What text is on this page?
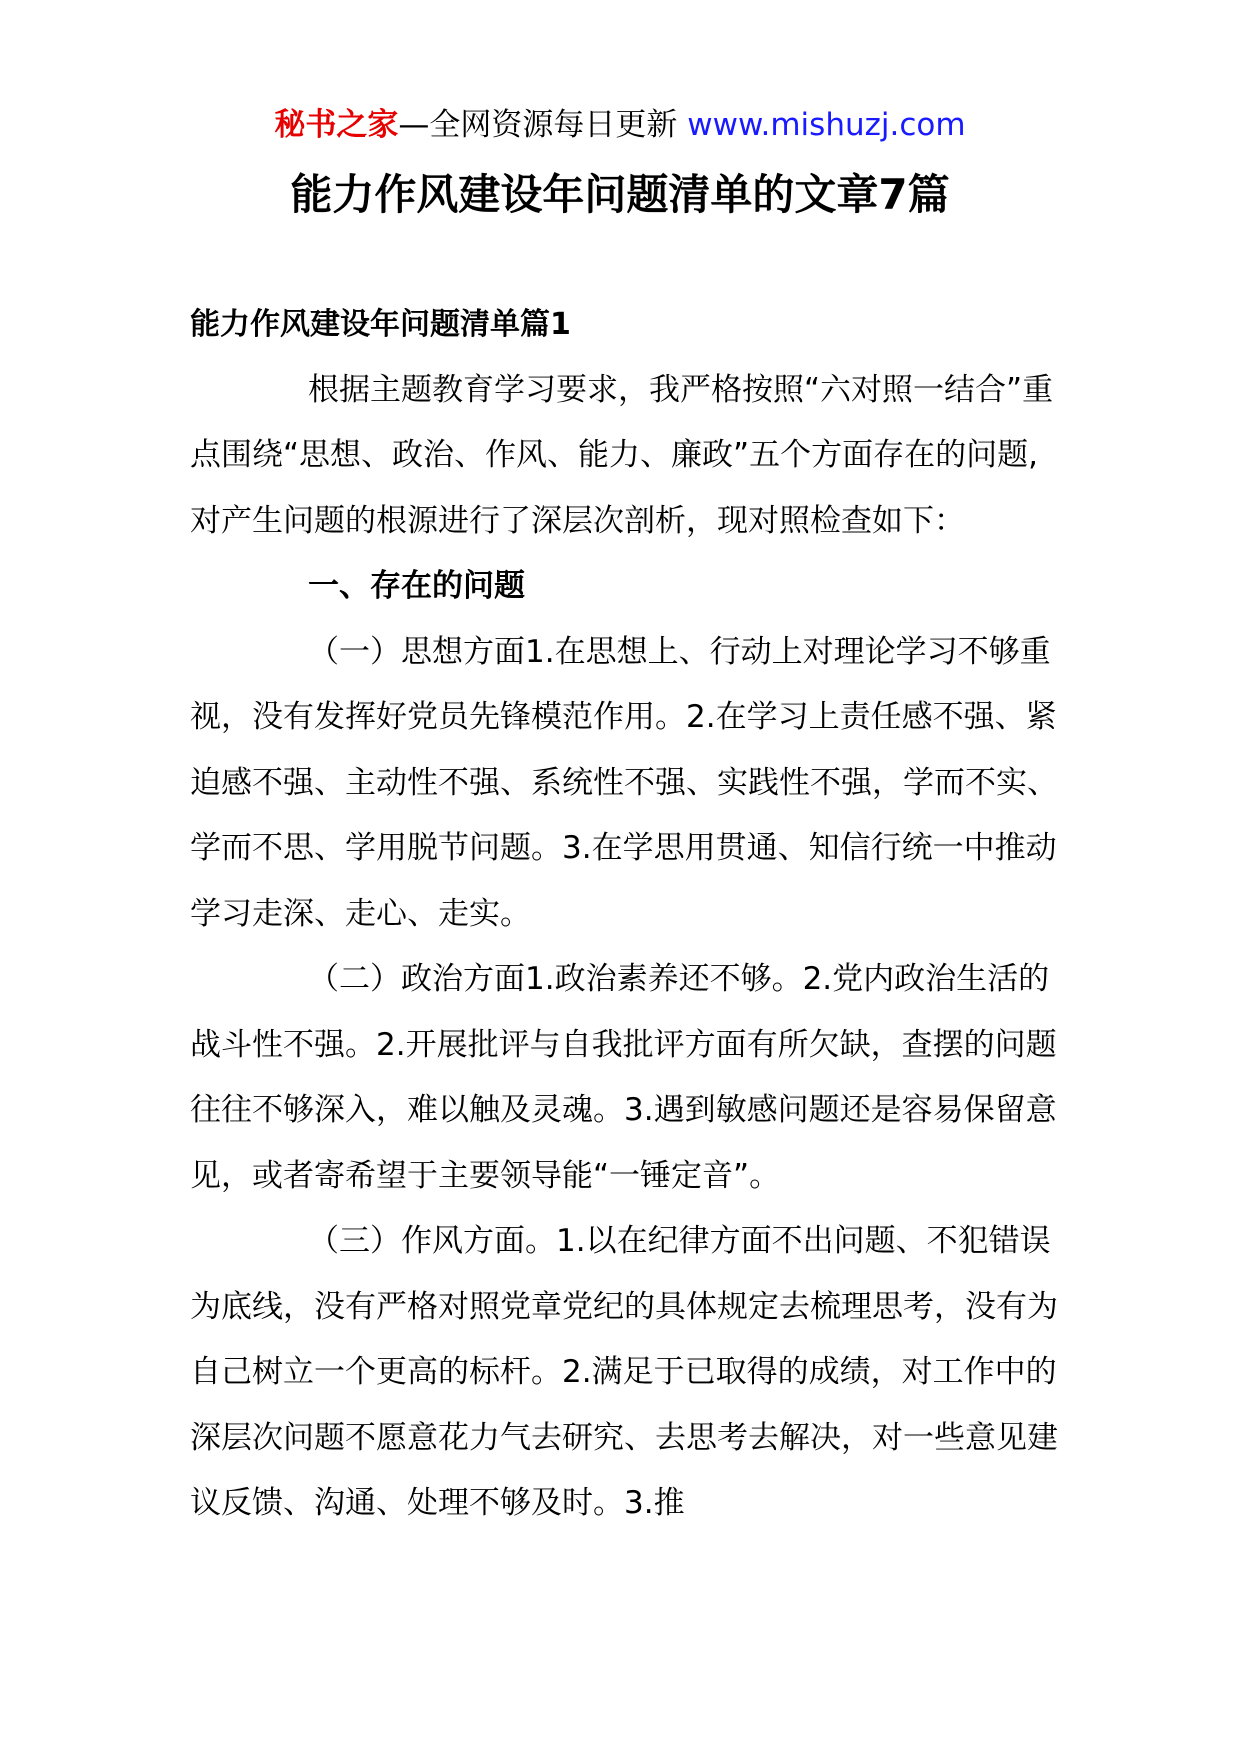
秘书之家—全网资源每日更新 www.mishuzj.com
能力作风建设年问题清单的文章7篇

能力作风建设年问题清单篇1

根据主题教育学习要求，我严格按照“六对照一结合”重点围绕“思想、政治、作风、能力、廉政”五个方面存在的问题,对产生问题的根源进行了深层次剖析，现对照检查如下：

一、存在的问题

（一）思想方面1.在思想上、行动上对理论学习不够重视，没有发挥好党员先锋模范作用。2.在学习上责任感不强、紧迫感不强、主动性不强、系统性不强、实践性不强，学而不实、学而不思、学用脱节问题。3.在学思用贯通、知信行统一中推动学习走深、走心、走实。

（二）政治方面1.政治素养还不够。2.党内政治生活的战斗性不强。2.开展批评与自我批评方面有所欠缺，查摆的问题往往不够深入，难以触及灵魂。3.遇到敏感问题还是容易保留意见，或者寄希望于主要领导能“一锤定音”。

（三）作风方面。1.以在纪律方面不出问题、不犯错误为底线，没有严格对照党章党纪的具体规定去梳理思考，没有为自己树立一个更高的标杆。2.满足于已取得的成绩，对工作中的深层次问题不愿意花力气去研究、去思考去解决，对一些意见建议反馈、沟通、处理不够及时。3.推
